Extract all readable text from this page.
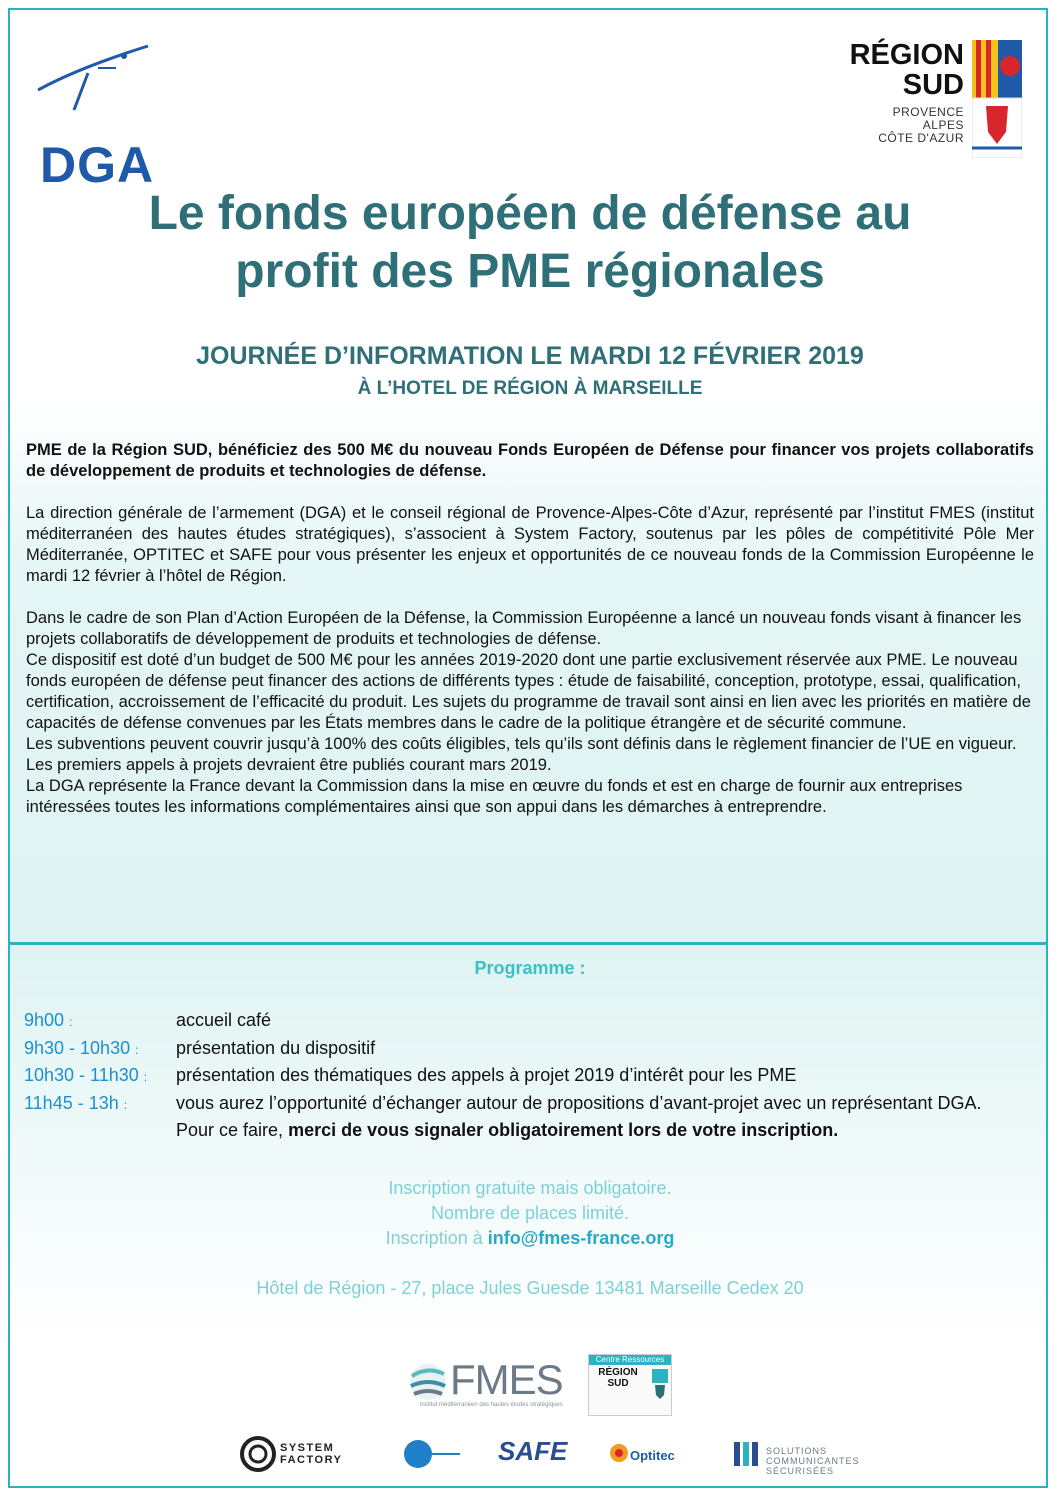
DGA
RÉGION
SUD
PROVENCE
ALPES
CÔTE D'AZUR
Le fonds européen de défense au
profit des PME régionales
JOURNÉE D’INFORMATION LE MARDI 12 FÉVRIER 2019
À L’HOTEL DE RÉGION À MARSEILLE

PME de la Région SUD, bénéficiez des 500 M€ du nouveau Fonds Européen de Défense pour financer vos projets collaboratifs de développement de produits et technologies de défense.

La direction générale de l’armement (DGA) et le conseil régional de Provence-Alpes-Côte d’Azur, représenté par l’institut FMES (institut méditerranéen des hautes études stratégiques), s’associent à System Factory, soutenus par les pôles de compétitivité Pôle Mer Méditerranée, OPTITEC et SAFE pour vous présenter les enjeux et opportunités de ce nouveau fonds de la Commission Européenne le mardi 12 février à l’hôtel de Région.

Dans le cadre de son Plan d’Action Européen de la Défense, la Commission Européenne a lancé un nouveau fonds visant à financer les projets collaboratifs de développement de produits et technologies de défense.

Ce dispositif est doté d’un budget de 500 M€ pour les années 2019-2020 dont une partie exclusivement réservée aux PME. Le nouveau fonds européen de défense peut financer des actions de différents types : étude de faisabilité, conception, prototype, essai, qualification, certification, accroissement de l’efficacité du produit. Les sujets du programme de travail sont ainsi en lien avec les priorités en matière de capacités de défense convenues par les États membres dans le cadre de la politique étrangère et de sécurité commune.

Les subventions peuvent couvrir jusqu’à 100% des coûts éligibles, tels qu’ils sont définis dans le règlement financier de l’UE en vigueur. Les premiers appels à projets devraient être publiés courant mars 2019.

La DGA représente la France devant la Commission dans la mise en œuvre du fonds et est en charge de fournir aux entreprises intéressées toutes les informations complémentaires ainsi que son appui dans les démarches à entreprendre.

Programme :
9h00 :	accueil café
9h30 - 10h30 :	présentation du dispositif
10h30 - 11h30 :	présentation des thématiques des appels à projet 2019 d’intérêt pour les PME
11h45 - 13h :	vous aurez l’opportunité d’échanger autour de propositions d’avant-projet avec un représentant DGA.
Pour ce faire, merci de vous signaler obligatoirement lors de votre inscription.
Inscription gratuite mais obligatoire.
Nombre de places limité.
Inscription à info@fmes-france.org
Hôtel de Région - 27, place Jules Guesde 13481 Marseille Cedex 20
FMES
institut méditerranéen des hautes études stratégiques
Centre Ressources
RÉGION SUD
SYSTEM
FACTORY	SAFE	Optitec	SOLUTIONS
COMMUNICANTES
SÉCURISÉES
